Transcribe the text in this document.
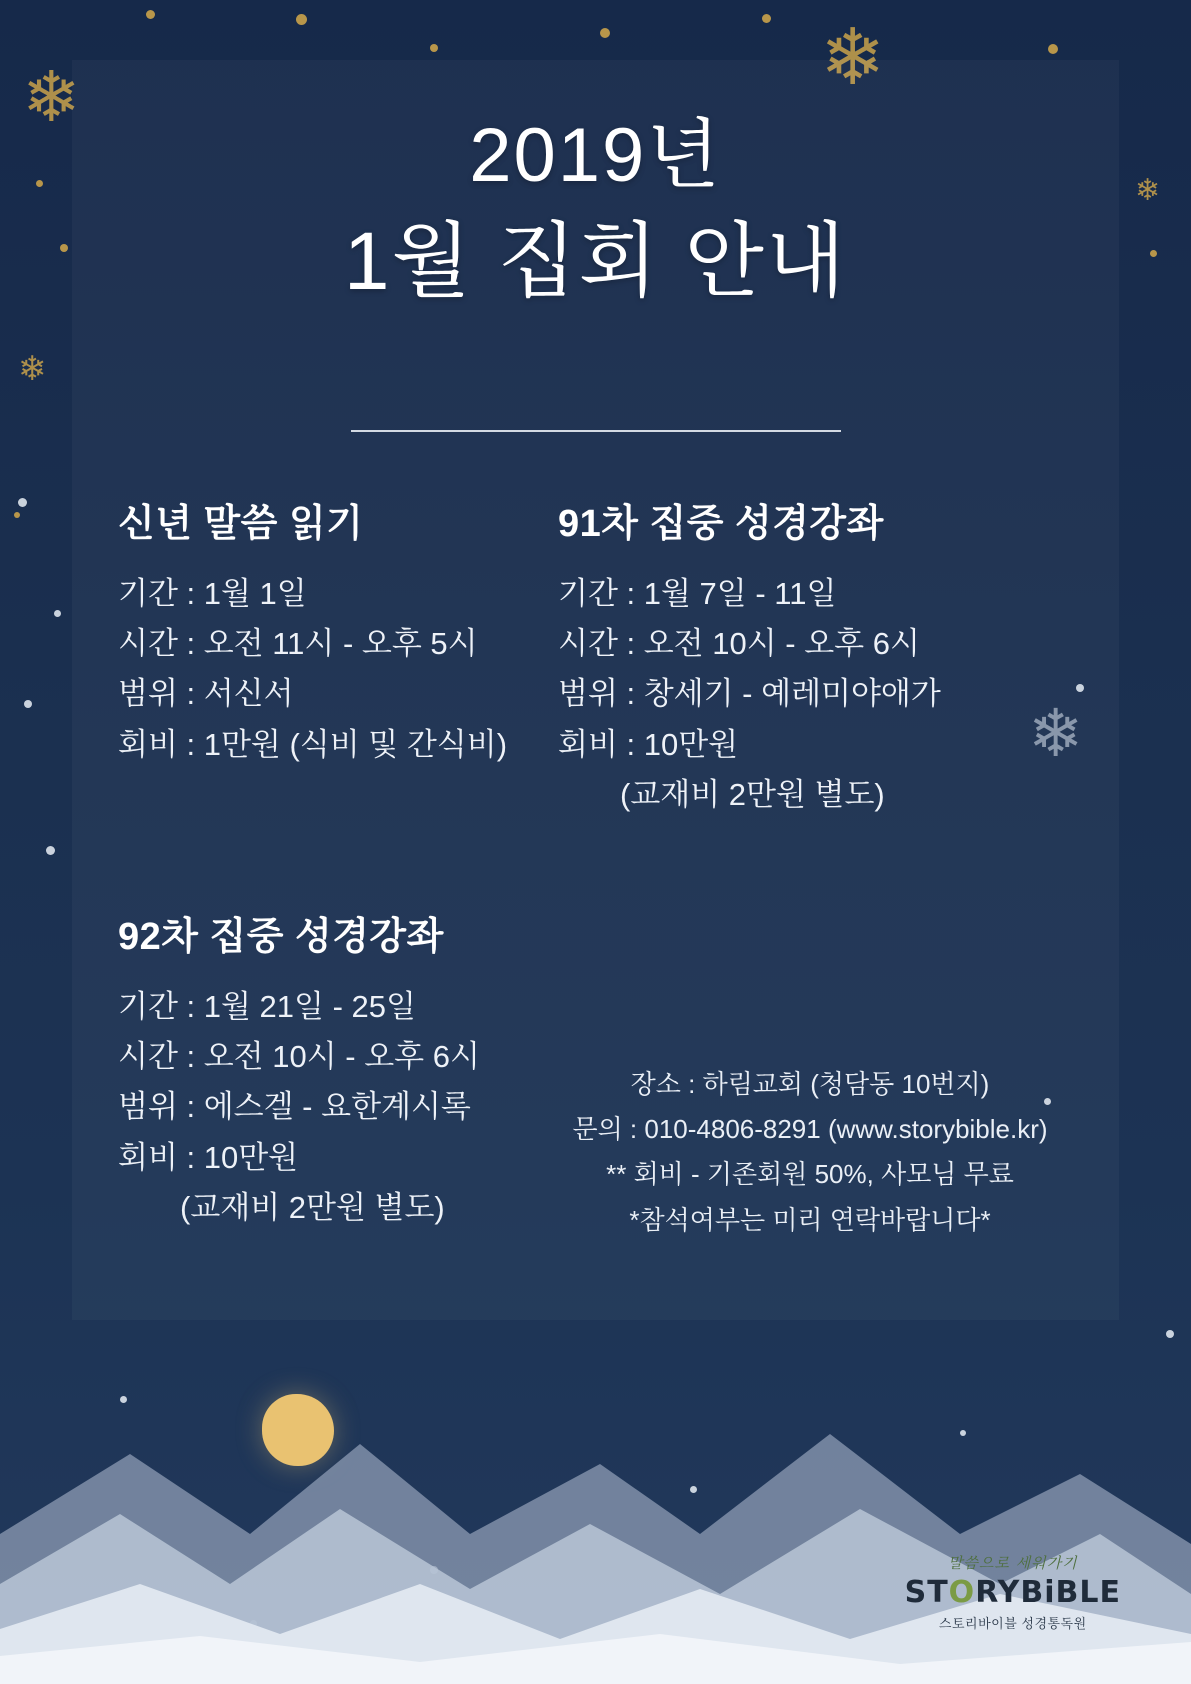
❄	❄
❄
❄
❄
2019년
1월 집회 안내
신년 말씀 읽기
기간 : 1월 1일
시간 : 오전 11시 - 오후 5시
범위 : 서신서
회비 : 1만원 (식비 및 간식비)
91차 집중 성경강좌
기간 : 1월 7일 - 11일
시간 : 오전 10시 - 오후 6시
범위 : 창세기 - 예레미야애가
회비 : 10만원
(교재비 2만원 별도)
92차 집중 성경강좌
기간 : 1월 21일 - 25일
시간 : 오전 10시 - 오후 6시
범위 : 에스겔 - 요한계시록
회비 : 10만원
(교재비 2만원 별도)
장소 : 하림교회 (청담동 10번지)
문의 : 010-4806-8291 (www.storybible.kr)
** 회비 - 기존회원 50%, 사모님 무료
*참석여부는 미리 연락바랍니다*
말씀으로 세워가기
STORYBiBLE
스토리바이블 성경통독원
